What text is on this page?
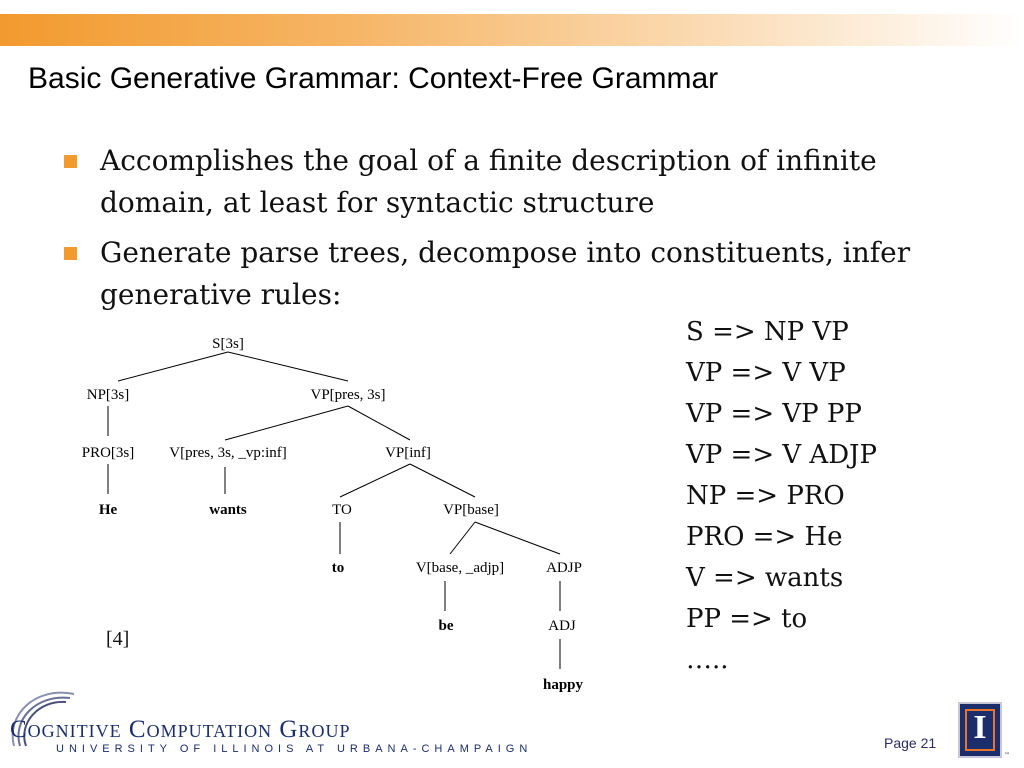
Basic Generative Grammar: Context-Free Grammar
Accomplishes the goal of a finite description of infinite domain, at least for syntactic structure
Generate parse trees, decompose into constituents, infer generative rules:
S[3s]
NP[3s]	VP[pres, 3s]
PRO[3s] V[pres, 3s, _vp:inf]	VP[inf]
He	wants	TO	VP[base]
to	V[base, _adjp]	ADJP
be	ADJ
happy
[4]
S => NP VP
VP => V VP
VP => VP PP
VP => V ADJP
NP => PRO
PRO => He
V => wants
PP => to
…..
Cognitive Computation Group
UNIVERSITY OF ILLINOIS AT URBANA-CHAMPAIGN	Page 21	I
™
